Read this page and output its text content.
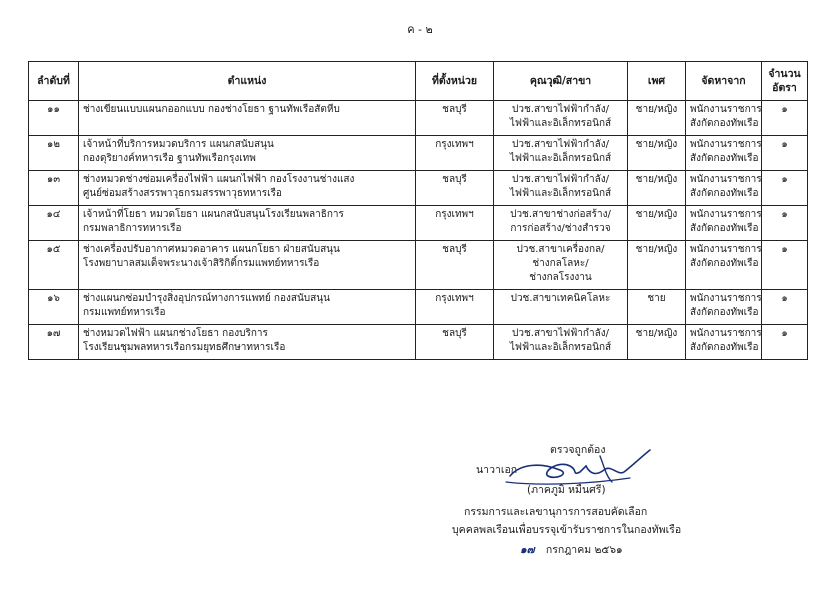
ค - ๒
ลำดับที่	ตำแหน่ง	ที่ตั้งหน่วย	คุณวุฒิ/สาขา	เพศ	จัดหาจาก	จำนวน
อัตรา

๑๑	ช่างเขียนแบบแผนกออกแบบ กองช่างโยธา ฐานทัพเรือสัตหีบ	ชลบุรี	ปวช.สาขาไฟฟ้ากำลัง/
ไฟฟ้าและอิเล็กทรอนิกส์	ชาย/หญิง	พนักงานราชการ
สังกัดกองทัพเรือ	๑
๑๒	เจ้าหน้าที่บริการหมวดบริการ แผนกสนับสนุน
กองดุริยางค์ทหารเรือ ฐานทัพเรือกรุงเทพ	กรุงเทพฯ	ปวช.สาขาไฟฟ้ากำลัง/
ไฟฟ้าและอิเล็กทรอนิกส์	ชาย/หญิง	พนักงานราชการ
สังกัดกองทัพเรือ	๑
๑๓	ช่างหมวดช่างซ่อมเครื่องไฟฟ้า แผนกไฟฟ้า กองโรงงานช่างแสง
ศูนย์ซ่อมสร้างสรรพาวุธกรมสรรพาวุธทหารเรือ	ชลบุรี	ปวช.สาขาไฟฟ้ากำลัง/
ไฟฟ้าและอิเล็กทรอนิกส์	ชาย/หญิง	พนักงานราชการ
สังกัดกองทัพเรือ	๑
๑๔	เจ้าหน้าที่โยธา หมวดโยธา แผนกสนับสนุนโรงเรียนพลาธิการ
กรมพลาธิการทหารเรือ	กรุงเทพฯ	ปวช.สาขาช่างก่อสร้าง/
การก่อสร้าง/ช่างสำรวจ	ชาย/หญิง	พนักงานราชการ
สังกัดกองทัพเรือ	๑
๑๕	ช่างเครื่องปรับอากาศหมวดอาคาร แผนกโยธา ฝ่ายสนับสนุน
โรงพยาบาลสมเด็จพระนางเจ้าสิริกิติ์กรมแพทย์ทหารเรือ	ชลบุรี	ปวช.สาขาเครื่องกล/
ช่างกลโลหะ/
ช่างกลโรงงาน	ชาย/หญิง	พนักงานราชการ
สังกัดกองทัพเรือ	๑
๑๖	ช่างแผนกซ่อมบำรุงสิ่งอุปกรณ์ทางการแพทย์ กองสนับสนุน
กรมแพทย์ทหารเรือ	กรุงเทพฯ	ปวช.สาขาเทคนิคโลหะ	ชาย	พนักงานราชการ
สังกัดกองทัพเรือ	๑
๑๗	ช่างหมวดไฟฟ้า แผนกช่างโยธา กองบริการ
โรงเรียนชุมพลทหารเรือกรมยุทธศึกษาทหารเรือ	ชลบุรี	ปวช.สาขาไฟฟ้ากำลัง/
ไฟฟ้าและอิเล็กทรอนิกส์	ชาย/หญิง	พนักงานราชการ
สังกัดกองทัพเรือ	๑
ตรวจถูกต้อง
นาวาเอก
(ภาคภูมิ หมื่นศรี)
กรรมการและเลขานุการการสอบคัดเลือก
บุคคลพลเรือนเพื่อบรรจุเข้ารับราชการในกองทัพเรือ
๑๗ กรกฎาคม ๒๕๖๑
